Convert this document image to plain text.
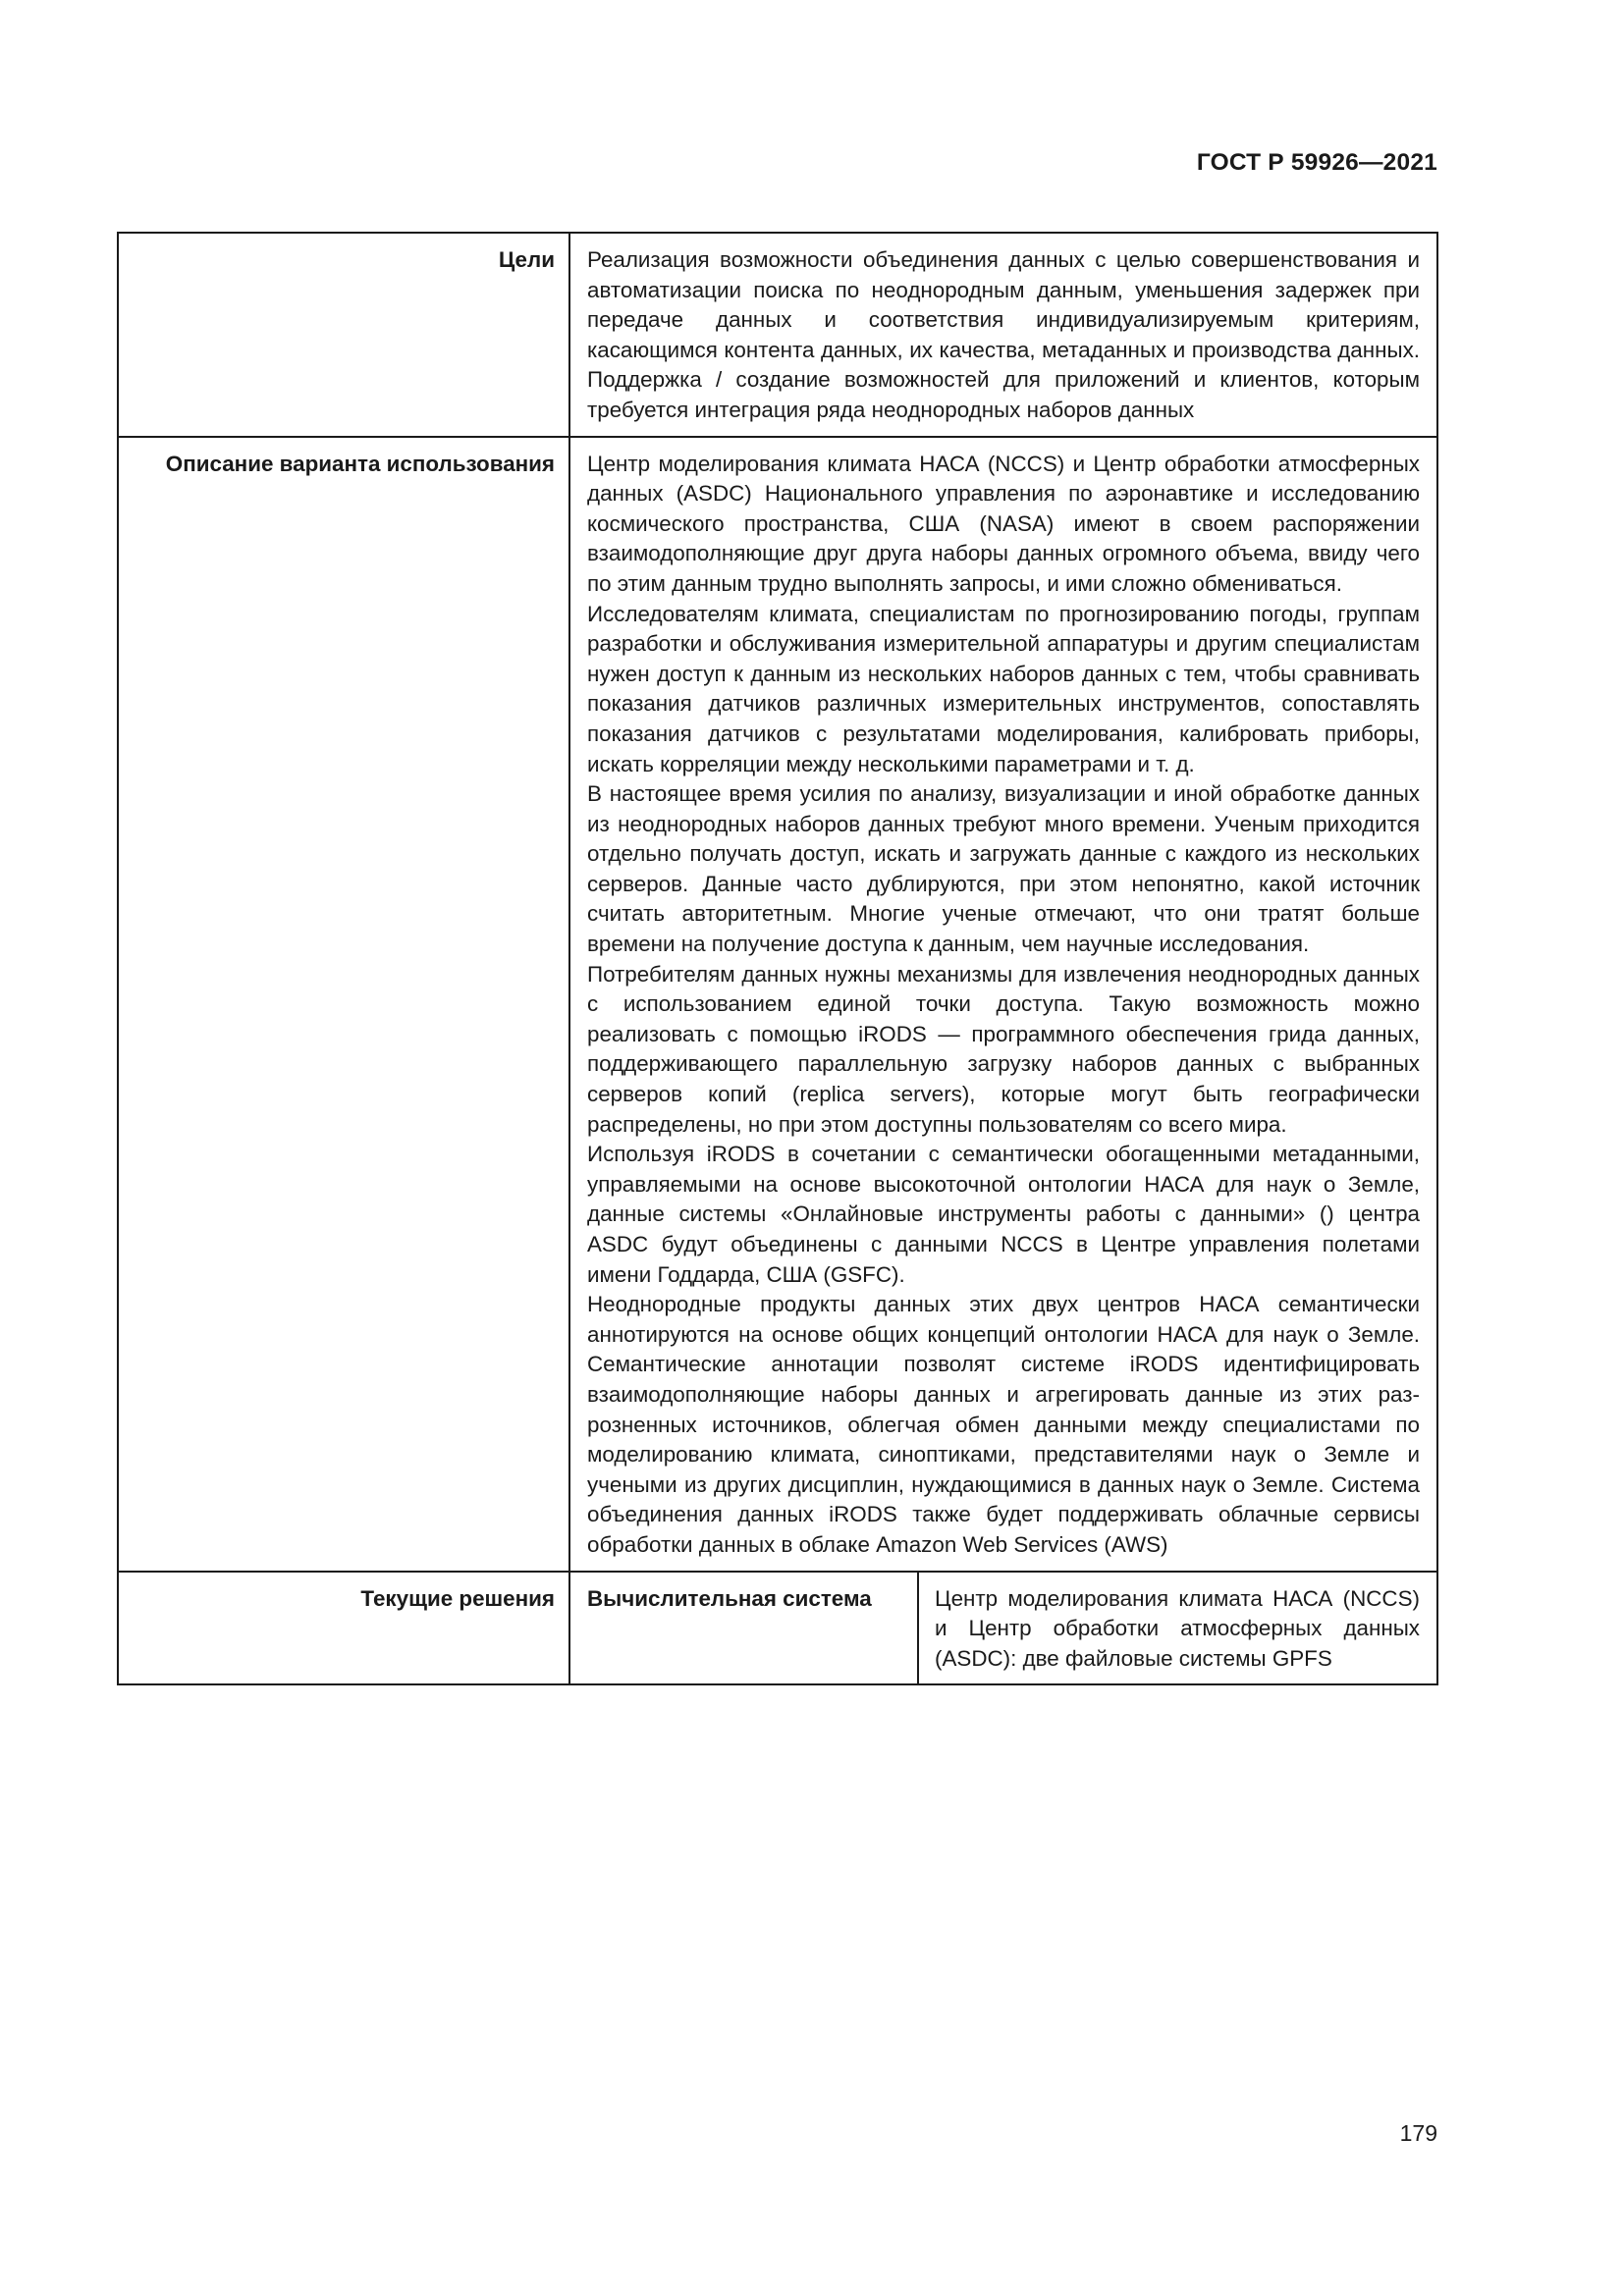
ГОСТ Р 59926—2021
Цели	Реализация возможности объединения данных с целью совершенствования и автоматизации поиска по неоднородным данным, уменьшения задержек при передаче данных и соответствия индивидуализируемым критериям, касающимся контента данных, их качества, метаданных и производства данных. Поддержка / создание возможностей для приложений и клиентов, которым требуется интеграция ряда неоднородных наборов данных

Описание варианта использования	Центр моделирования климата НАСА (NCCS) и Центр обработки атмосферных данных (ASDC) Национального управления по аэронавтике и исследованию космического пространства, США (NASA) имеют в своем распоряжении взаимодополняющие друг друга наборы данных огромного объема, ввиду чего по этим данным трудно выполнять запросы, и ими сложно обмениваться.

Исследователям климата, специалистам по прогнозированию погоды, группам разработки и обслуживания измерительной аппаратуры и другим специалистам нужен доступ к данным из нескольких наборов данных с тем, чтобы сравнивать показания датчиков различных измерительных инструментов, сопоставлять показания датчиков с результатами моделирования, калибровать приборы, искать корреляции между несколькими параметрами и т. д.

В настоящее время усилия по анализу, визуализации и иной обработке данных из неоднородных наборов данных требуют много времени. Ученым приходится отдельно получать доступ, искать и загружать данные с каждого из нескольких серверов. Данные часто дублируются, при этом непонятно, какой источник считать авторитетным. Многие ученые отмечают, что они тратят больше времени на получение доступа к данным, чем научные исследования.

Потребителям данных нужны механизмы для извлечения неоднородных данных с использованием единой точки доступа. Такую возможность можно реализовать с помощью iRODS — программного обеспечения грида данных, поддерживающего параллельную загрузку наборов данных с выбранных серверов копий (replica servers), которые могут быть географически распределены, но при этом доступны пользователям со всего мира.

Используя iRODS в сочетании с семантически обогащенными метаданными, управляемыми на основе высокоточной онтологии НАСА для наук о Земле, данные системы «Онлайновые инструменты работы с данными» () центра ASDC будут объединены с данными NCCS в Центре управления полетами имени Годдарда, США (GSFC).

Неоднородные продукты данных этих двух центров НАСА семантически аннотируются на основе общих концепций онтологии НАСА для наук о Земле. Семантические аннотации позволят системе iRODS идентифицировать взаимодополняющие наборы данных и агрегировать данные из этих разрозненных источников, облегчая обмен данными между специалистами по моделированию климата, синоптиками, представителями наук о Земле и учеными из других дисциплин, нуждающимися в данных наук о Земле. Система объединения данных iRODS также будет поддерживать облачные сервисы обработки данных в облаке Amazon Web Services (AWS)

Текущие решения	Вычислительная система	Центр моделирования климата НАСА (NCCS) и Центр обработки атмосферных данных (ASDC): две файловые системы GPFS
179
